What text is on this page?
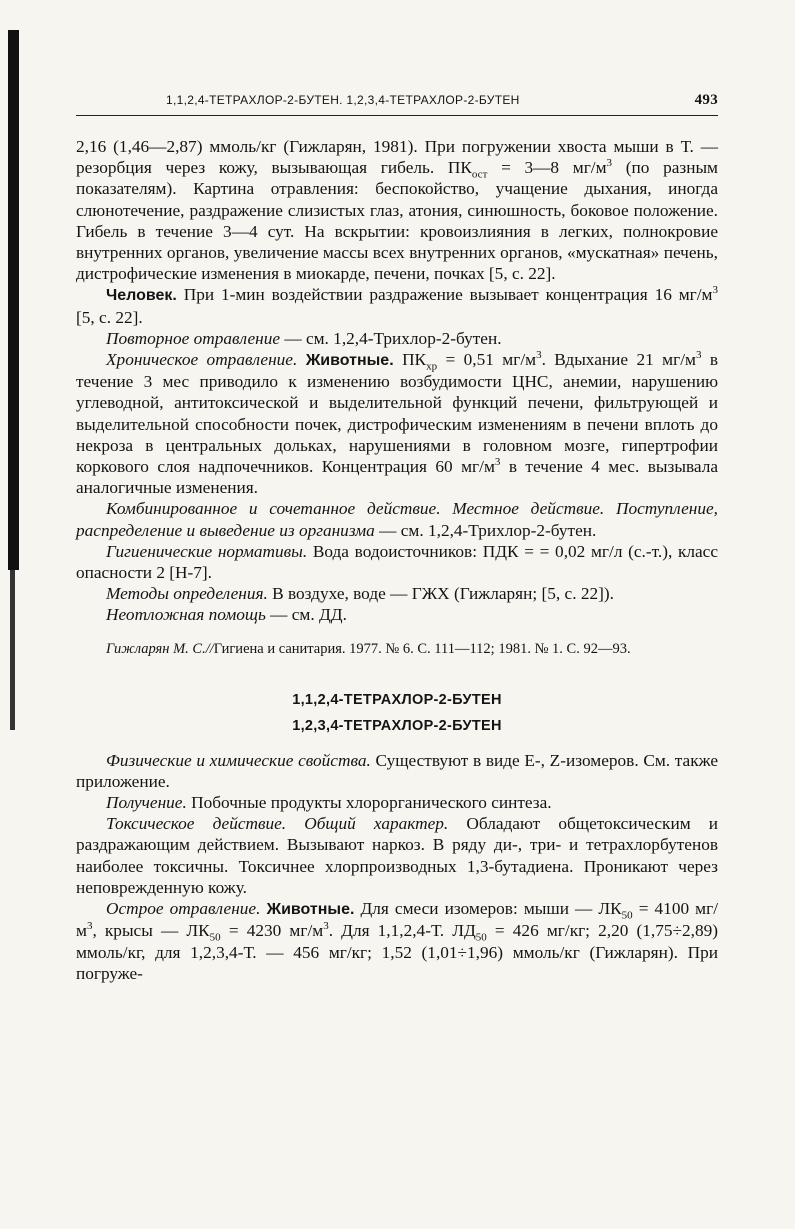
1,1,2,4-ТЕТРАХЛОР-2-БУТЕН. 1,2,3,4-ТЕТРАХЛОР-2-БУТЕН	493

2,16 (1,46—2,87) ммоль/кг (Гижларян, 1981). При погружении хвоста мыши в Т. — резорбция через кожу, вызывающая гибель. $ПК_{ост}$ = 3—8 $мг/м^3$ (по разным показателям). Картина отравления: беспокойство, учащение дыхания, иногда слюнотечение, раздражение слизистых глаз, атония, синюшность, боковое положение. Гибель в течение 3—4 сут. На вскрытии: кровоизлияния в легких, полнокровие внутренних органов, увеличение массы всех внутренних органов, «мускатная» печень, дистрофические изменения в миокарде, печени, почках [5, с. 22].

Человек. При 1-мин воздействии раздражение вызывает концентрация 16 $мг/м^3$ [5, с. 22].

Повторное отравление — см. 1,2,4-Трихлор-2-бутен.

Хроническое отравление. Животные. $ПК_{хр} = 0,51$ $мг/м^3$. Вдыхание 21 $мг/м^3$ в течение 3 мес приводило к изменению возбудимости ЦНС, анемии, нарушению углеводной, антитоксической и выделительной функций печени, фильтрующей и выделительной способности почек, дистрофическим изменениям в печени вплоть до некроза в центральных дольках, нарушениями в головном мозге, гипертрофии коркового слоя надпочечников. Концентрация 60 $мг/м^3$ в течение 4 мес. вызывала аналогичные изменения.

Комбинированное и сочетанное действие. Местное действие. Поступление, распределение и выведение из организма — см. 1,2,4-Трихлор-2-бутен.

Гигиенические нормативы. Вода водоисточников: ПДК = = 0,02 мг/л (с.-т.), класс опасности 2 [Н-7].

Методы определения. В воздухе, воде — ГЖХ (Гижларян; [5, с. 22]).

Неотложная помощь — см. ДД.

Гижларян М. С.//Гигиена и санитария. 1977. № 6. С. 111—112; 1981. № 1. С. 92—93.

1,1,2,4-ТЕТРАХЛОР-2-БУТЕН
1,2,3,4-ТЕТРАХЛОР-2-БУТЕН

Физические и химические свойства. Существуют в виде E-, Z-изомеров. См. также приложение.

Получение. Побочные продукты хлорорганического синтеза.

Токсическое действие. Общий характер. Обладают общетоксическим и раздражающим действием. Вызывают наркоз. В ряду ди-, три- и тетрахлорбутенов наиболее токсичны. Токсичнее хлорпроизводных 1,3-бутадиена. Проникают через неповрежденную кожу.

Острое отравление. Животные. Для смеси изомеров: мыши — $ЛК_{50} = 4100$ $мг/м^3$, крысы — $ЛК_{50} = 4230$ $мг/м^3$. Для 1,1,2,4-Т. $ЛД_{50} = 426$ мг/кг; 2,20 (1,75÷2,89) ммоль/кг, для 1,2,3,4-Т. — 456 мг/кг; 1,52 (1,01÷1,96) ммоль/кг (Гижларян). При погруже-
